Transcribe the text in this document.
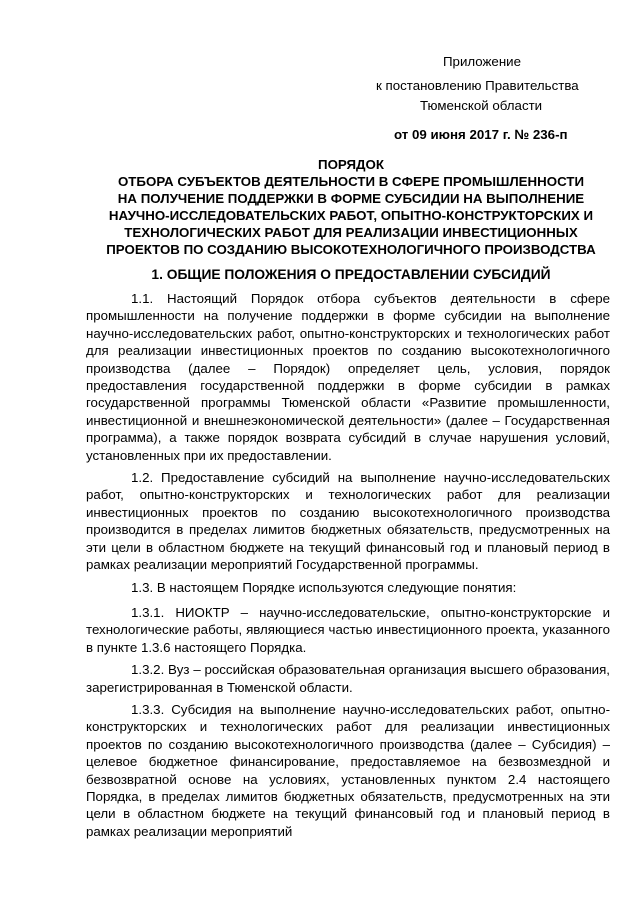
Приложение
к постановлению Правительства
Тюменской области
от 09 июня 2017 г. № 236-п
ПОРЯДОК
ОТБОРА СУБЪЕКТОВ ДЕЯТЕЛЬНОСТИ В СФЕРЕ ПРОМЫШЛЕННОСТИ
НА ПОЛУЧЕНИЕ ПОДДЕРЖКИ В ФОРМЕ СУБСИДИИ НА ВЫПОЛНЕНИЕ
НАУЧНО-ИССЛЕДОВАТЕЛЬСКИХ РАБОТ, ОПЫТНО-КОНСТРУКТОРСКИХ И
ТЕХНОЛОГИЧЕСКИХ РАБОТ ДЛЯ РЕАЛИЗАЦИИ ИНВЕСТИЦИОННЫХ
ПРОЕКТОВ ПО СОЗДАНИЮ ВЫСОКОТЕХНОЛОГИЧНОГО ПРОИЗВОДСТВА
1. ОБЩИЕ ПОЛОЖЕНИЯ О ПРЕДОСТАВЛЕНИИ СУБСИДИЙ

1.1. Настоящий Порядок отбора субъектов деятельности в сфере промышленности на получение поддержки в форме субсидии на выполнение научно-исследовательских работ, опытно-конструкторских и технологических работ для реализации инвестиционных проектов по созданию высокотехнологичного производства (далее – Порядок) определяет цель, условия, порядок предоставления государственной поддержки в форме субсидии в рамках государственной программы Тюменской области «Развитие промышленности, инвестиционной и внешнеэкономической деятельности» (далее – Государственная программа), а также порядок возврата субсидий в случае нарушения условий, установленных при их предоставлении.

1.2. Предоставление субсидий на выполнение научно-исследовательских работ, опытно-конструкторских и технологических работ для реализации инвестиционных проектов по созданию высокотехнологичного производства производится в пределах лимитов бюджетных обязательств, предусмотренных на эти цели в областном бюджете на текущий финансовый год и плановый период в рамках реализации мероприятий Государственной программы.

1.3. В настоящем Порядке используются следующие понятия:

1.3.1. НИОКТР – научно-исследовательские, опытно-конструкторские и технологические работы, являющиеся частью инвестиционного проекта, указанного в пункте 1.3.6 настоящего Порядка.

1.3.2. Вуз – российская образовательная организация высшего образования, зарегистрированная в Тюменской области.

1.3.3. Субсидия на выполнение научно-исследовательских работ, опытно-конструкторских и технологических работ для реализации инвестиционных проектов по созданию высокотехнологичного производства (далее – Субсидия) – целевое бюджетное финансирование, предоставляемое на безвозмездной и безвозвратной основе на условиях, установленных пунктом 2.4 настоящего Порядка, в пределах лимитов бюджетных обязательств, предусмотренных на эти цели в областном бюджете на текущий финансовый год и плановый период в рамках реализации мероприятий
